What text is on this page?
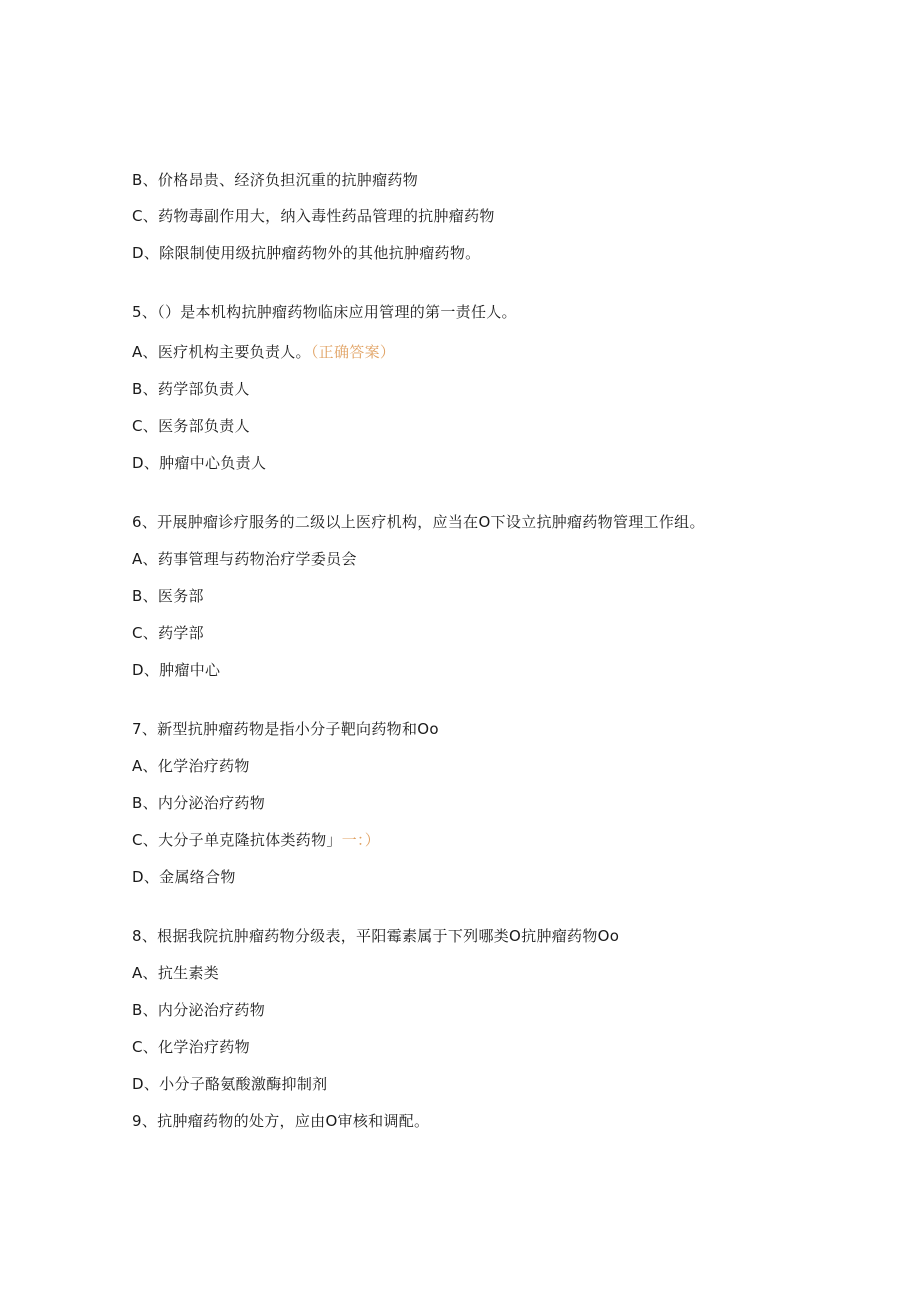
B、价格昂贵、经济负担沉重的抗肿瘤药物
C、药物毒副作用大，纳入毒性药品管理的抗肿瘤药物
D、除限制使用级抗肿瘤药物外的其他抗肿瘤药物。
5、（）是本机构抗肿瘤药物临床应用管理的第一责任人。
A、医疗机构主要负责人。（正确答案）
B、药学部负责人
C、医务部负责人
D、肿瘤中心负责人
6、开展肿瘤诊疗服务的二级以上医疗机构，应当在O下设立抗肿瘤药物管理工作组。
A、药事管理与药物治疗学委员会
B、医务部
C、药学部
D、肿瘤中心
7、新型抗肿瘤药物是指小分子靶向药物和Oo
A、化学治疗药物
B、内分泌治疗药物
C、大分子单克隆抗体类药物」一：）
D、金属络合物
8、根据我院抗肿瘤药物分级表，平阳霉素属于下列哪类O抗肿瘤药物Oo
A、抗生素类
B、内分泌治疗药物
C、化学治疗药物
D、小分子酪氨酸激酶抑制剂
9、抗肿瘤药物的处方，应由O审核和调配。
